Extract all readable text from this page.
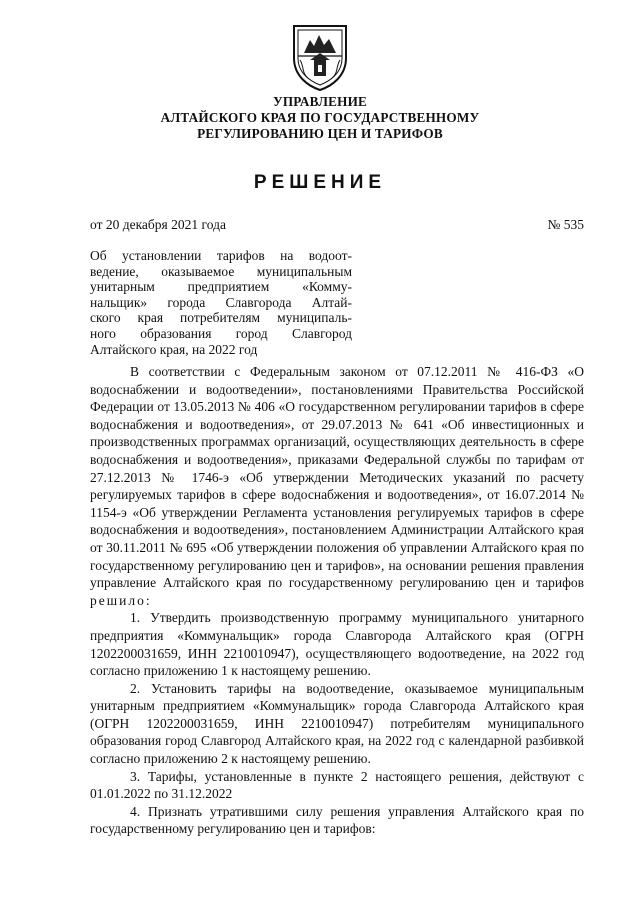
УПРАВЛЕНИЕ
АЛТАЙСКОГО КРАЯ ПО ГОСУДАРСТВЕННОМУ
РЕГУЛИРОВАНИЮ ЦЕН И ТАРИФОВ
РЕШЕНИЕ
от 20 декабря 2021 года	№ 535
Об установлении тарифов на водоот-
ведение, оказываемое муниципальным
унитарным предприятием «Комму-
нальщик» города Славгорода Алтай-
ского края потребителям муниципаль-
ного образования город Славгород
Алтайского края, на 2022 год

В соответствии с Федеральным законом от 07.12.2011 № 416-ФЗ «О водоснабжении и водоотведении», постановлениями Правительства Российской Федерации от 13.05.2013 № 406 «О государственном регулировании тарифов в сфере водоснабжения и водоотведения», от 29.07.2013 № 641 «Об инвестиционных и производственных программах организаций, осуществляющих деятельность в сфере водоснабжения и водоотведения», приказами Федеральной службы по тарифам от 27.12.2013 № 1746-э «Об утверждении Методических указаний по расчету регулируемых тарифов в сфере водоснабжения и водоотведения», от 16.07.2014 № 1154-э «Об утверждении Регламента установления регулируемых тарифов в сфере водоснабжения и водоотведения», постановлением Администрации Алтайского края от 30.11.2011 № 695 «Об утверждении положения об управлении Алтайского края по государственному регулированию цен и тарифов», на основании решения правления управление Алтайского края по государственному регулированию цен и тарифов решило:

1. Утвердить производственную программу муниципального унитарного предприятия «Коммунальщик» города Славгорода Алтайского края (ОГРН 1202200031659, ИНН 2210010947), осуществляющего водоотведение, на 2022 год согласно приложению 1 к настоящему решению.

2. Установить тарифы на водоотведение, оказываемое муниципальным унитарным предприятием «Коммунальщик» города Славгорода Алтайского края (ОГРН 1202200031659, ИНН 2210010947) потребителям муниципального образования город Славгород Алтайского края, на 2022 год с календарной разбивкой согласно приложению 2 к настоящему решению.

3. Тарифы, установленные в пункте 2 настоящего решения, действуют с 01.01.2022 по 31.12.2022

4. Признать утратившими силу решения управления Алтайского края по государственному регулированию цен и тарифов:
